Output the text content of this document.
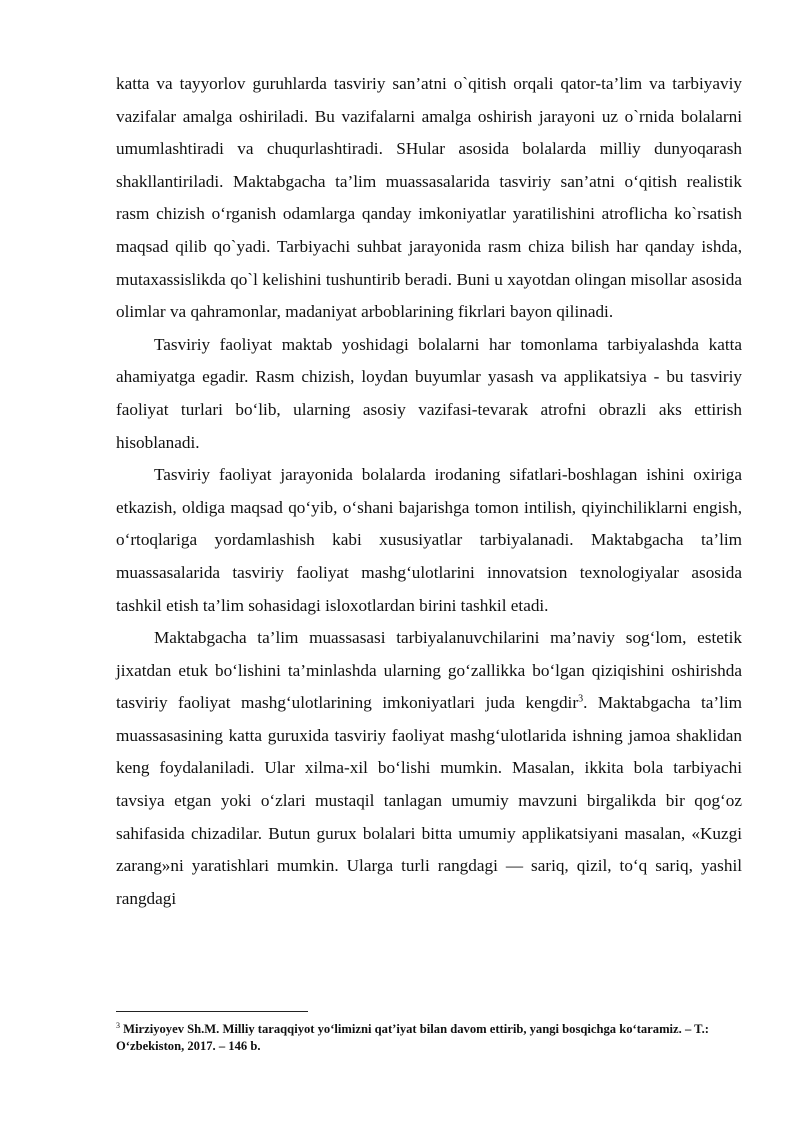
katta va tayyorlov guruhlarda tasviriy san’atni o`qitish orqali qator-ta’lim va tarbiyaviy vazifalar amalga oshiriladi. Bu vazifalarni amalga oshirish jarayoni uz o`rnida bolalarni umumlashtiradi va chuqurlashtiradi. SHular asosida bolalarda milliy dunyoqarash shakllantiriladi. Maktabgacha ta’lim muassasalarida tasviriy san’atni o‘qitish realistik rasm chizish o‘rganish odamlarga qanday imkoniyatlar yaratilishini atroflicha ko`rsatish maqsad qilib qo`yadi. Tarbiyachi suhbat jarayonida rasm chiza bilish har qanday ishda, mutaxassislikda qo`l kelishini tushuntirib beradi. Buni u xayotdan olingan misollar asosida olimlar va qahramonlar, madaniyat arboblarining fikrlari bayon qilinadi.

Tasviriy faoliyat maktab yoshidagi bolalarni har tomonlama tarbiyalashda katta ahamiyatga egadir. Rasm chizish, loydan buyumlar yasash va applikatsiya - bu tasviriy faoliyat turlari bo‘lib, ularning asosiy vazifasi-tevarak atrofni obrazli aks ettirish hisoblanadi.

Tasviriy faoliyat jarayonida bolalarda irodaning sifatlari-boshlagan ishini oxiriga etkazish, oldiga maqsad qo‘yib, o‘shani bajarishga tomon intilish, qiyinchiliklarni engish, o‘rtoqlariga yordamlashish kabi xususiyatlar tarbiyalanadi. Maktabgacha ta’lim muassasalarida tasviriy faoliyat mashg‘ulotlarini innovatsion texnologiyalar asosida tashkil etish ta’lim sohasidagi isloxotlardan birini tashkil etadi.

Maktabgacha ta’lim muassasasi tarbiyalanuvchilarini ma’naviy sog‘lom, estetik jixatdan etuk bo‘lishini ta’minlashda ularning go‘zallikka bo‘lgan qiziqishini oshirishda tasviriy faoliyat mashg‘ulotlarining imkoniyatlari juda kengdir$^3$. Maktabgacha ta’lim muassasasining katta guruxida tasviriy faoliyat mashg‘ulotlarida ishning jamoa shaklidan keng foydalaniladi. Ular xilma-xil bo‘lishi mumkin. Masalan, ikkita bola tarbiyachi tavsiya etgan yoki o‘zlari mustaqil tanlagan umumiy mavzuni birgalikda bir qog‘oz sahifasida chizadilar. Butun gurux bolalari bitta umumiy applikatsiyani masalan, «Kuzgi zarang»ni yaratishlari mumkin. Ularga turli rangdagi — sariq, qizil, to‘q sariq, yashil rangdagi

$^3$ Mirziyoyev Sh.M. Milliy taraqqiyot yo‘limizni qat’iyat bilan davom ettirib, yangi bosqichga ko‘taramiz. – T.: O‘zbekiston, 2017. – 146 b.
